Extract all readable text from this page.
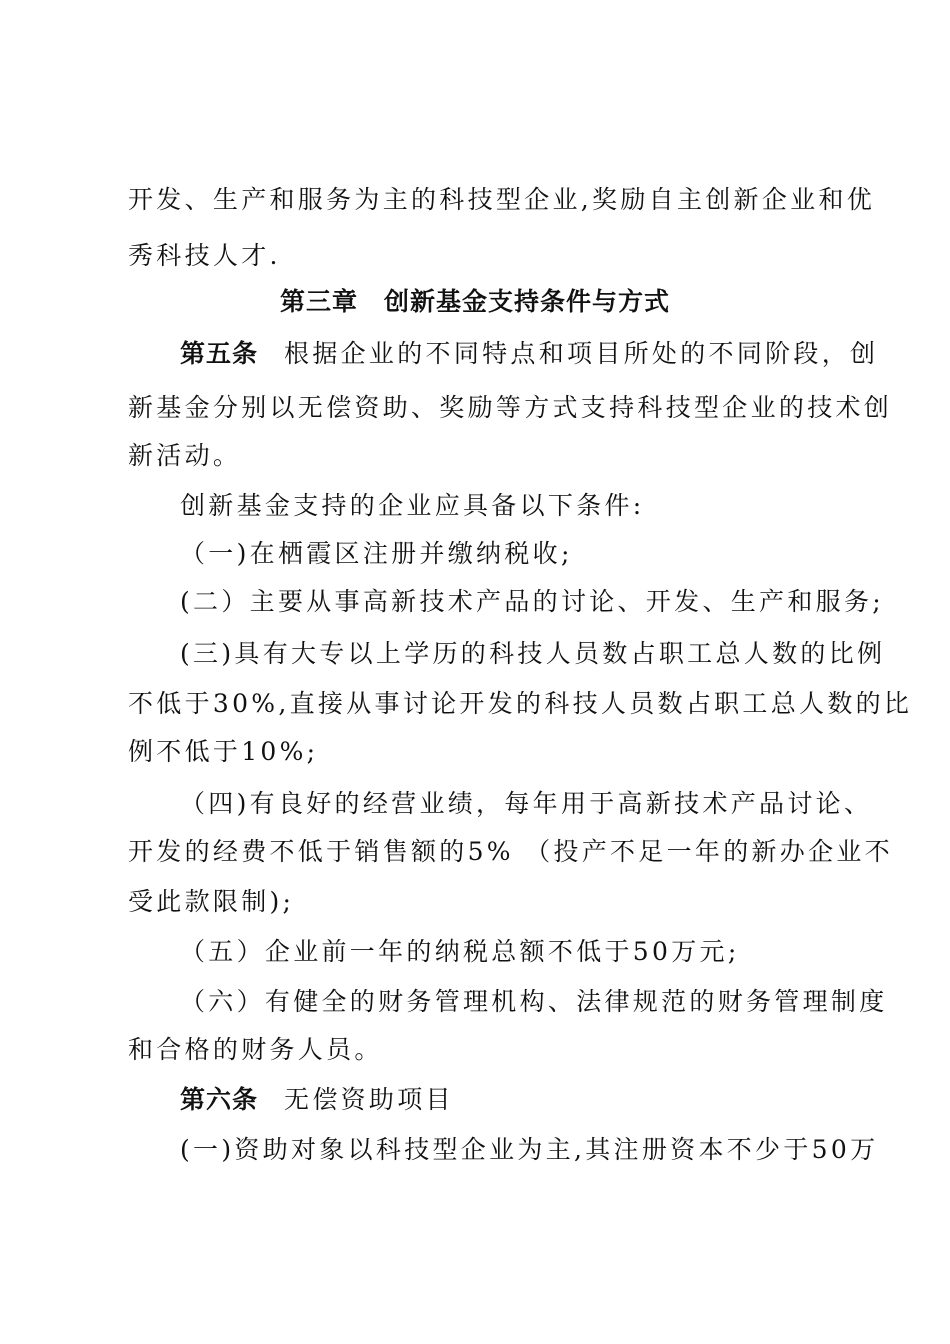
开发、生产和服务为主的科技型企业,奖励自主创新企业和优
秀科技人才.
第三章 创新基金支持条件与方式
第五条 根据企业的不同特点和项目所处的不同阶段，创
新基金分别以无偿资助、奖励等方式支持科技型企业的技术创
新活动。
创新基金支持的企业应具备以下条件:
（一)在栖霞区注册并缴纳税收;
(二）主要从事高新技术产品的讨论、开发、生产和服务;
(三)具有大专以上学历的科技人员数占职工总人数的比例
不低于30%,直接从事讨论开发的科技人员数占职工总人数的比
例不低于10%;
（四)有良好的经营业绩，每年用于高新技术产品讨论、
开发的经费不低于销售额的5% （投产不足一年的新办企业不
受此款限制);
（五）企业前一年的纳税总额不低于50万元;
（六）有健全的财务管理机构、法律规范的财务管理制度
和合格的财务人员。
第六条 无偿资助项目
(一)资助对象以科技型企业为主,其注册资本不少于50万
